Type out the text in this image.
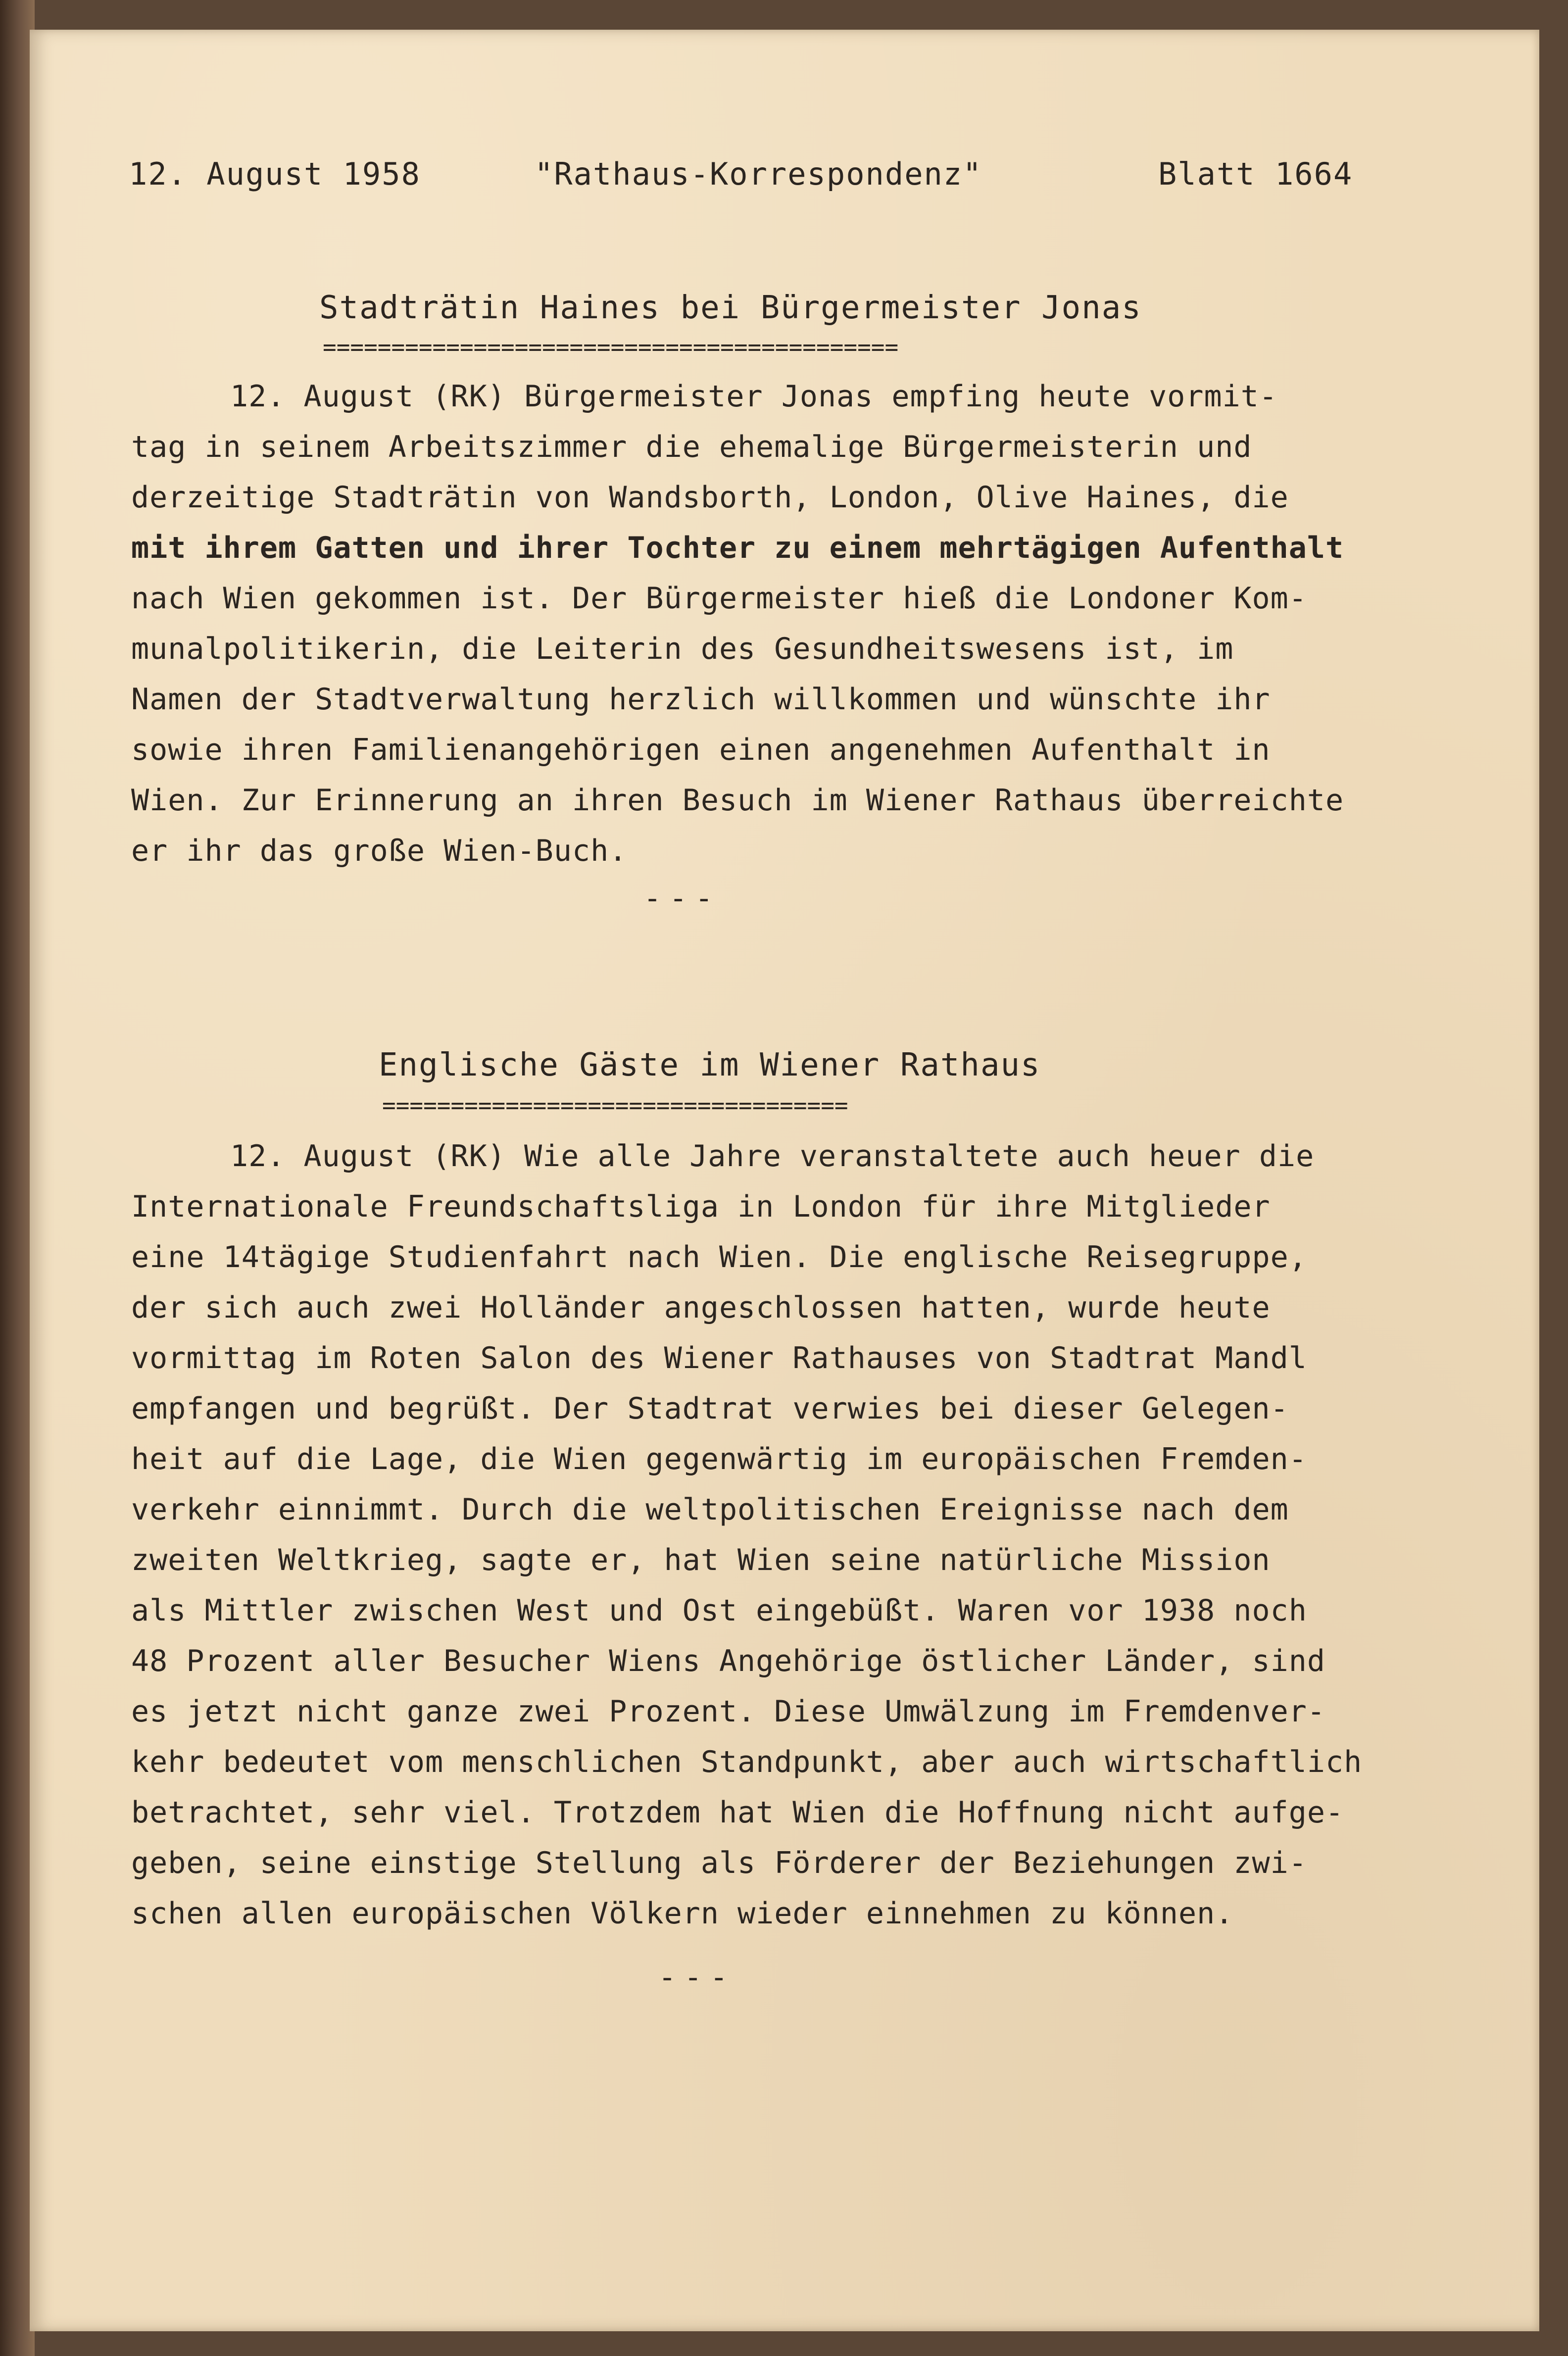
12. August 1958	"Rathaus-Korrespondenz"	Blatt 1664
Stadträtin Haines bei Bürgermeister Jonas
==========================================
12. August (RK) Bürgermeister Jonas empfing heute vormit-
tag in seinem Arbeitszimmer die ehemalige Bürgermeisterin und
derzeitige Stadträtin von Wandsborth, London, Olive Haines, die
mit ihrem Gatten und ihrer Tochter zu einem mehrtägigen Aufenthalt
nach Wien gekommen ist. Der Bürgermeister hieß die Londoner Kom-
munalpolitikerin, die Leiterin des Gesundheitswesens ist, im
Namen der Stadtverwaltung herzlich willkommen und wünschte ihr
sowie ihren Familienangehörigen einen angenehmen Aufenthalt in
Wien. Zur Erinnerung an ihren Besuch im Wiener Rathaus überreichte
er ihr das große Wien-Buch.
---
Englische Gäste im Wiener Rathaus
==================================
12. August (RK) Wie alle Jahre veranstaltete auch heuer die
Internationale Freundschaftsliga in London für ihre Mitglieder
eine 14tägige Studienfahrt nach Wien. Die englische Reisegruppe,
der sich auch zwei Holländer angeschlossen hatten, wurde heute
vormittag im Roten Salon des Wiener Rathauses von Stadtrat Mandl
empfangen und begrüßt. Der Stadtrat verwies bei dieser Gelegen-
heit auf die Lage, die Wien gegenwärtig im europäischen Fremden-
verkehr einnimmt. Durch die weltpolitischen Ereignisse nach dem
zweiten Weltkrieg, sagte er, hat Wien seine natürliche Mission
als Mittler zwischen West und Ost eingebüßt. Waren vor 1938 noch
48 Prozent aller Besucher Wiens Angehörige östlicher Länder, sind
es jetzt nicht ganze zwei Prozent. Diese Umwälzung im Fremdenver-
kehr bedeutet vom menschlichen Standpunkt, aber auch wirtschaftlich
betrachtet, sehr viel. Trotzdem hat Wien die Hoffnung nicht aufge-
geben, seine einstige Stellung als Förderer der Beziehungen zwi-
schen allen europäischen Völkern wieder einnehmen zu können.
---
